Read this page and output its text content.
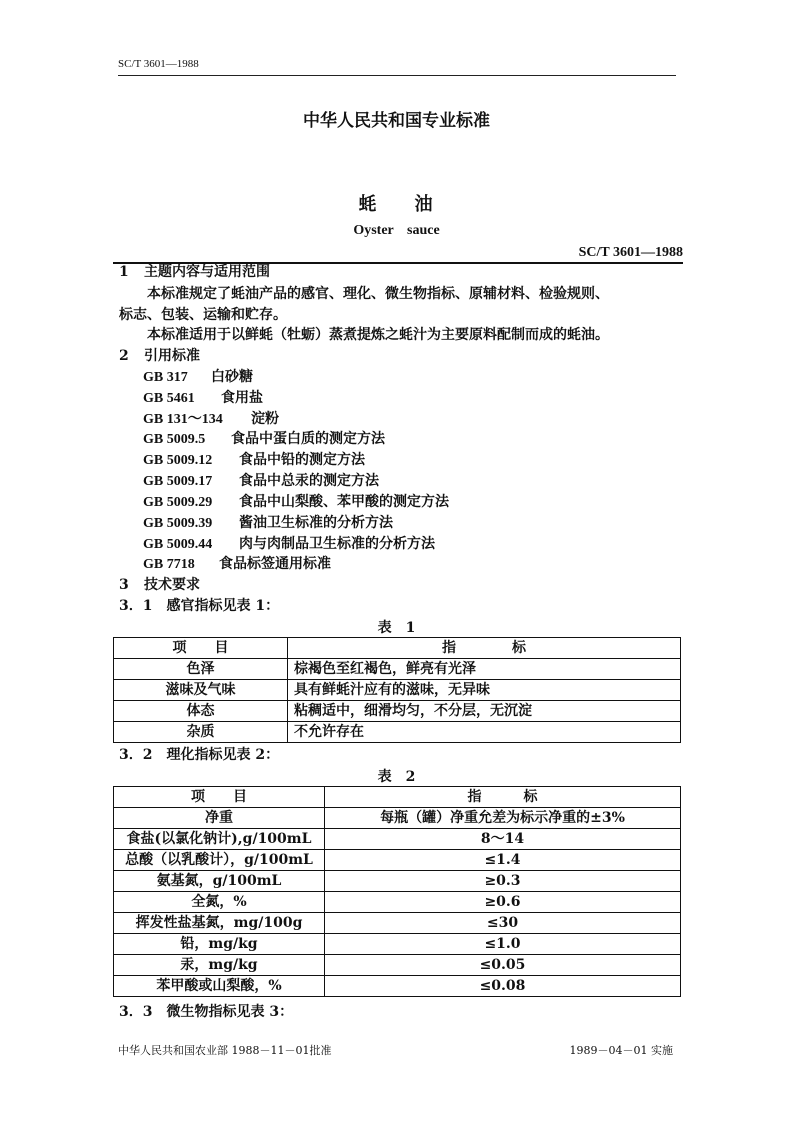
SC/T 3601—1988
中华人民共和国专业标准
蚝 油
Oyster sauce
SC/T 3601—1988
1 主题内容与适用范围
本标准规定了蚝油产品的感官、理化、微生物指标、原辅材料、检验规则、
标志、包装、运输和贮存。
本标准适用于以鲜蚝（牡蛎）蒸煮提炼之蚝汁为主要原料配制而成的蚝油。
2 引用标准
GB 317 白砂糖
GB 5461 食用盐
GB 131～134 淀粉
GB 5009.5 食品中蛋白质的测定方法
GB 5009.12 食品中铅的测定方法
GB 5009.17 食品中总汞的测定方法
GB 5009.29 食品中山梨酸、苯甲酸的测定方法
GB 5009.39 酱油卫生标准的分析方法
GB 5009.44 肉与肉制品卫生标准的分析方法
GB 7718 食品标签通用标准
3 技术要求
3．1　感官指标见表 1：
表 1
项　　目	指　　　　标
色泽	棕褐色至红褐色，鲜亮有光泽
滋味及气味	具有鲜蚝汁应有的滋味，无异味
体态	粘稠适中，细滑均匀，不分层，无沉淀
杂质	不允许存在
3．2　理化指标见表 2：
表 2
项　　目	指　　　标
净重	每瓶（罐）净重允差为标示净重的±3%
食盐(以氯化钠计),g/100mL	8～14
总酸（以乳酸计），g/100mL	≤1.4
氨基氮，g/100mL	≥0.3
全氮，%	≥0.6
挥发性盐基氮，mg/100g	≤30
铅，mg/kg	≤1.0
汞，mg/kg	≤0.05
苯甲酸或山梨酸，%	≤0.08
3．3　微生物指标见表 3：
中华人民共和国农业部 1988－11－01批准	1989－04－01 实施
